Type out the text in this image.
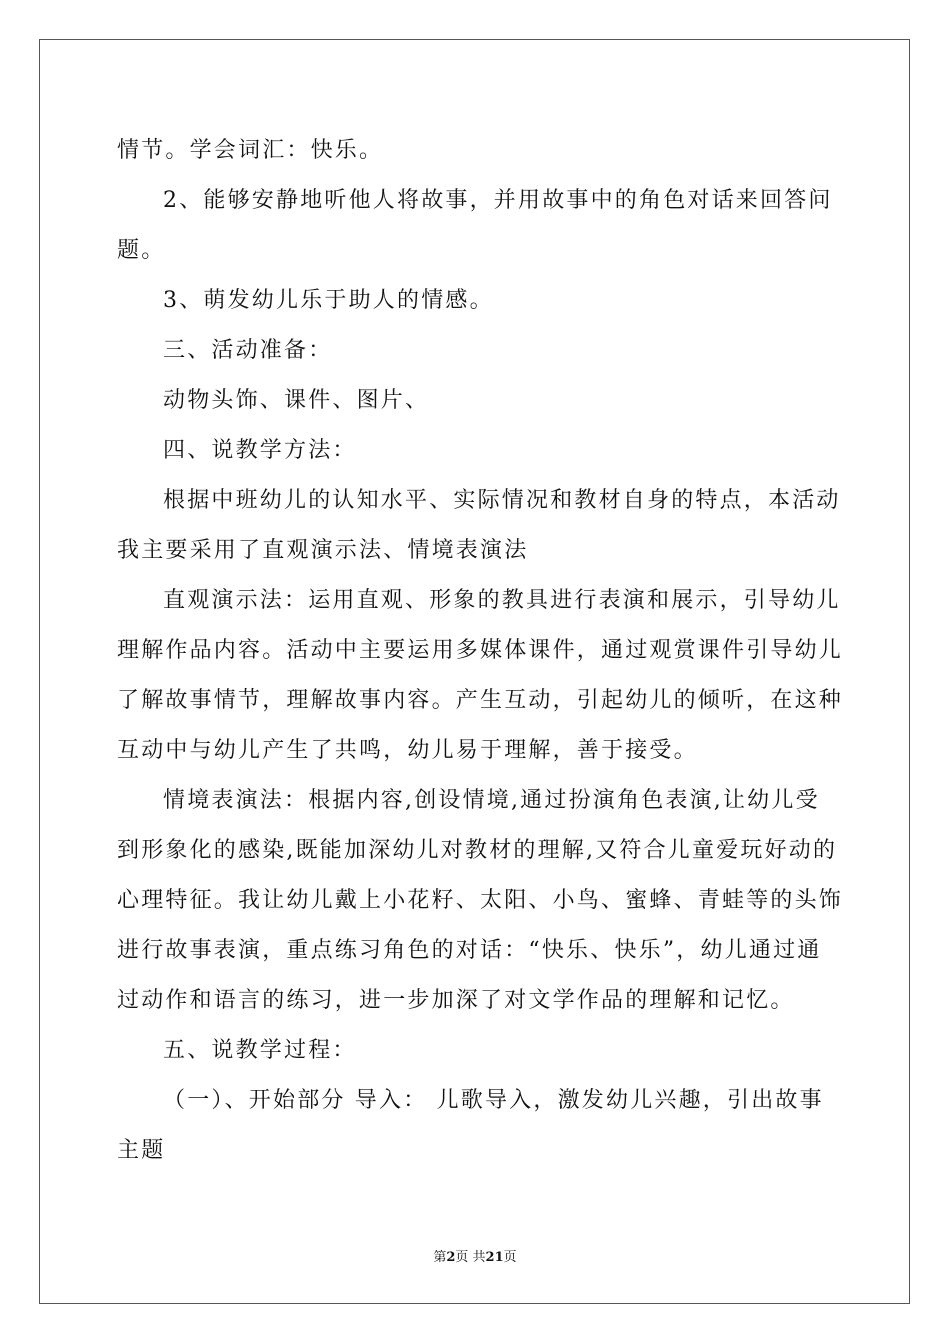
情节。学会词汇：快乐。
2、能够安静地听他人将故事，并用故事中的角色对话来回答问
题。
3、萌发幼儿乐于助人的情感。
三、活动准备：
动物头饰、课件、图片、
四、说教学方法：
根据中班幼儿的认知水平、实际情况和教材自身的特点，本活动
我主要采用了直观演示法、情境表演法
直观演示法：运用直观、形象的教具进行表演和展示，引导幼儿
理解作品内容。活动中主要运用多媒体课件，通过观赏课件引导幼儿
了解故事情节，理解故事内容。产生互动，引起幼儿的倾听，在这种
互动中与幼儿产生了共鸣，幼儿易于理解，善于接受。
情境表演法：根据内容,创设情境,通过扮演角色表演,让幼儿受
到形象化的感染,既能加深幼儿对教材的理解,又符合儿童爱玩好动的
心理特征。我让幼儿戴上小花籽、太阳、小鸟、蜜蜂、青蛙等的头饰
进行故事表演，重点练习角色的对话：“快乐、快乐”，幼儿通过通
过动作和语言的练习，进一步加深了对文学作品的理解和记忆。
五、说教学过程：
（一）、开始部分 导入： 儿歌导入，激发幼儿兴趣，引出故事
主题
第2页 共21页
